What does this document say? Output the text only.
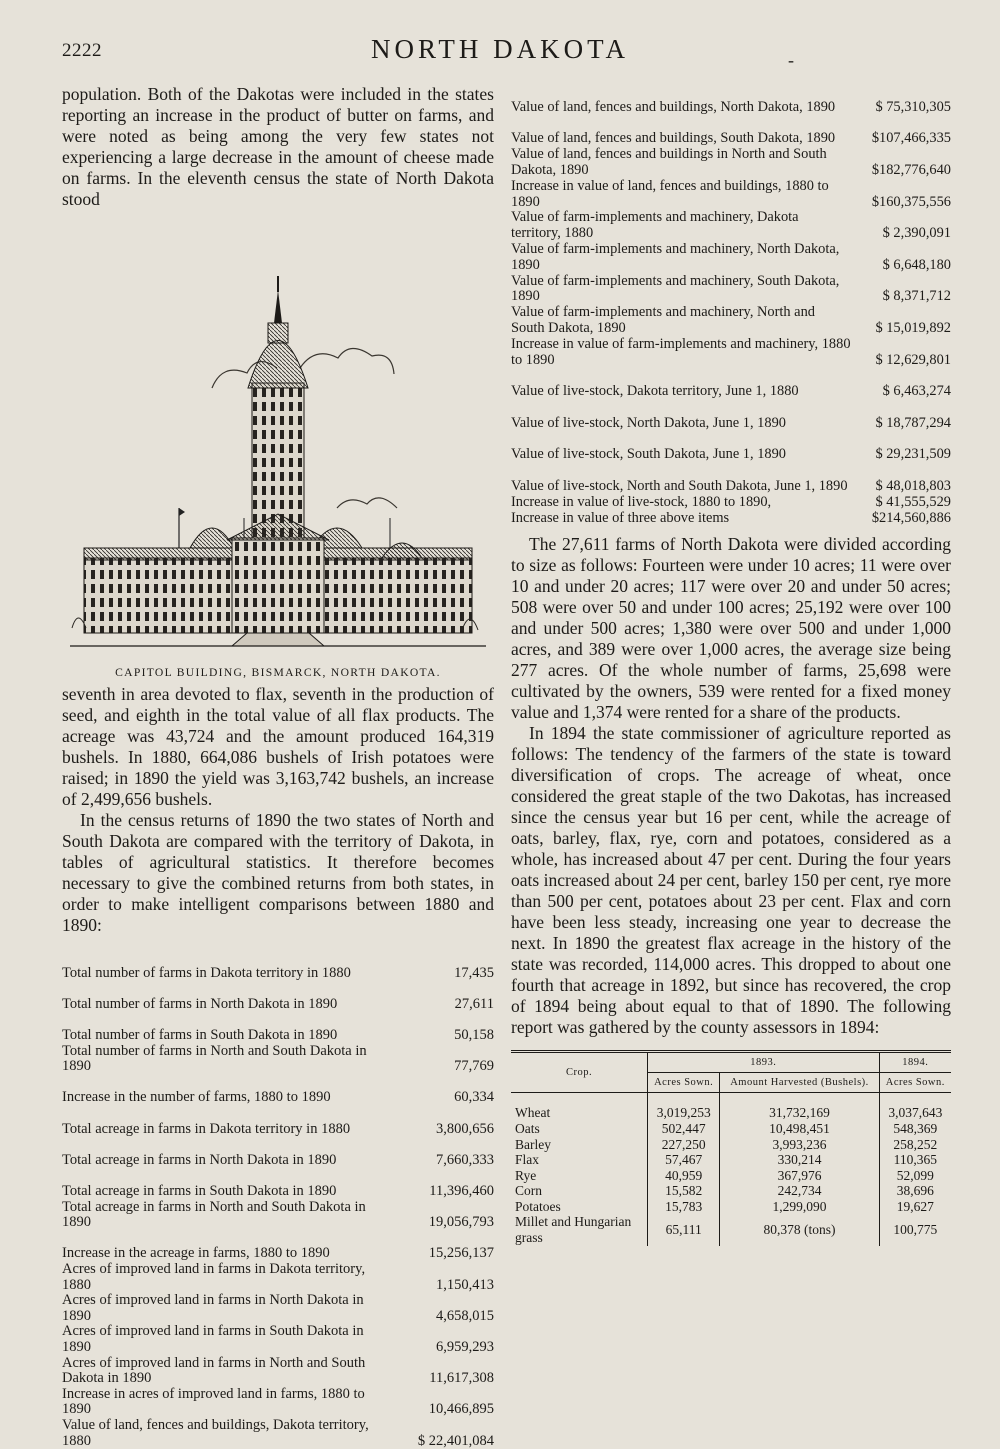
2222	NORTH DAKOTA	-

population. Both of the Dakotas were included in the states reporting an increase in the product of butter on farms, and were noted as being among the very few states not experiencing a large decrease in the amount of cheese made on farms. In the eleventh census the state of North Dakota stood

CAPITOL BUILDING, BISMARCK, NORTH DAKOTA.

seventh in area devoted to flax, seventh in the production of seed, and eighth in the total value of all flax products. The acreage was 43,724 and the amount produced 164,319 bushels. In 1880, 664,086 bushels of Irish potatoes were raised; in 1890 the yield was 3,163,742 bushels, an increase of 2,499,656 bushels.

In the census returns of 1890 the two states of North and South Dakota are compared with the territory of Dakota, in tables of agricultural statistics. It therefore becomes necessary to give the combined returns from both states, in order to make intelligent comparisons between 1880 and 1890:

Total number of farms in Dakota territory in 1880	17,435
Total number of farms in North Dakota in 1890	27,611
Total number of farms in South Dakota in 1890	50,158
Total number of farms in North and South Dakota in 1890	77,769
Increase in the number of farms, 1880 to 1890	60,334
Total acreage in farms in Dakota territory in 1880	3,800,656
Total acreage in farms in North Dakota in 1890	7,660,333
Total acreage in farms in South Dakota in 1890	11,396,460
Total acreage in farms in North and South Dakota in 1890	19,056,793
Increase in the acreage in farms, 1880 to 1890	15,256,137
Acres of improved land in farms in Dakota territory, 1880	1,150,413
Acres of improved land in farms in North Dakota in 1890	4,658,015
Acres of improved land in farms in South Dakota in 1890	6,959,293
Acres of improved land in farms in North and South Dakota in 1890	11,617,308
Increase in acres of improved land in farms, 1880 to 1890	10,466,895
Value of land, fences and buildings, Dakota territory, 1880	$ 22,401,084
Value of land, fences and buildings, North Dakota, 1890	$ 75,310,305
Value of land, fences and buildings, South Dakota, 1890	$107,466,335
Value of land, fences and buildings in North and South Dakota, 1890	$182,776,640
Increase in value of land, fences and buildings, 1880 to 1890	$160,375,556
Value of farm-implements and machinery, Dakota territory, 1880	$ 2,390,091
Value of farm-implements and machinery, North Dakota, 1890	$ 6,648,180
Value of farm-implements and machinery, South Dakota, 1890	$ 8,371,712
Value of farm-implements and machinery, North and South Dakota, 1890	$ 15,019,892
Increase in value of farm-implements and machinery, 1880 to 1890	$ 12,629,801
Value of live-stock, Dakota territory, June 1, 1880	$ 6,463,274
Value of live-stock, North Dakota, June 1, 1890	$ 18,787,294
Value of live-stock, South Dakota, June 1, 1890	$ 29,231,509
Value of live-stock, North and South Dakota, June 1, 1890	$ 48,018,803
Increase in value of live-stock, 1880 to 1890,	$ 41,555,529
Increase in value of three above items	$214,560,886

The 27,611 farms of North Dakota were divided according to size as follows: Fourteen were under 10 acres; 11 were over 10 and under 20 acres; 117 were over 20 and under 50 acres; 508 were over 50 and under 100 acres; 25,192 were over 100 and under 500 acres; 1,380 were over 500 and under 1,000 acres, and 389 were over 1,000 acres, the average size being 277 acres. Of the whole number of farms, 25,698 were cultivated by the owners, 539 were rented for a fixed money value and 1,374 were rented for a share of the products.

In 1894 the state commissioner of agriculture reported as follows: The tendency of the farmers of the state is toward diversification of crops. The acreage of wheat, once considered the great staple of the two Dakotas, has increased since the census year but 16 per cent, while the acreage of oats, barley, flax, rye, corn and potatoes, considered as a whole, has increased about 47 per cent. During the four years oats increased about 24 per cent, barley 150 per cent, rye more than 500 per cent, potatoes about 23 per cent. Flax and corn have been less steady, increasing one year to decrease the next. In 1890 the greatest flax acreage in the history of the state was recorded, 114,000 acres. This dropped to about one fourth that acreage in 1892, but since has recovered, the crop of 1894 being about equal to that of 1890. The following report was gathered by the county assessors in 1894:

Crop.	1893.		1894.
	Acres Sown.	Amount Harvested (Bushels).	Acres Sown.
Wheat	3,019,253	31,732,169	3,037,643
Oats	502,447	10,498,451	548,369
Barley	227,250	3,993,236	258,252
Flax	57,467	330,214	110,365
Rye	40,959	367,976	52,099
Corn	15,582	242,734	38,696
Potatoes	15,783	1,299,090	19,627
Millet and Hungarian grass	65,111	80,378 (tons)	100,775
